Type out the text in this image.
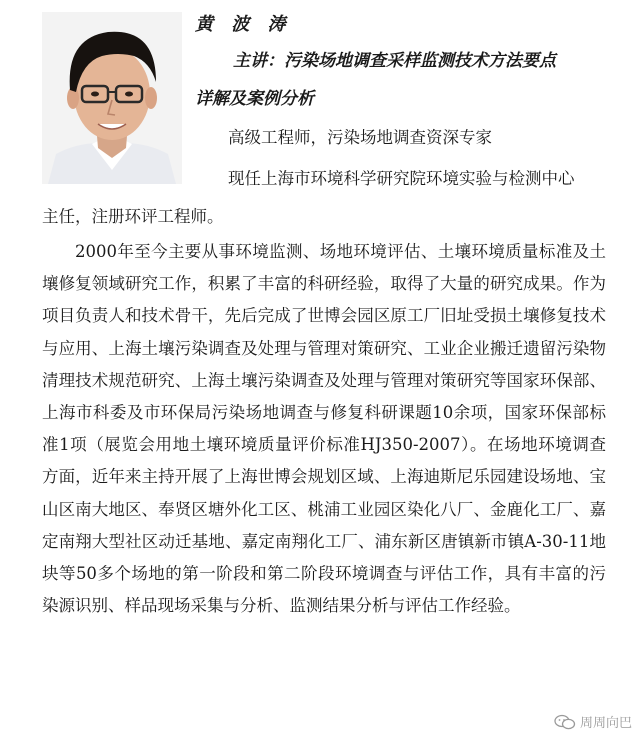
黄 波 涛

主讲：污染场地调查采样监测技术方法要点
详解及案例分析

高级工程师，污染场地调查资深专家

现任上海市环境科学研究院环境实验与检测中心

主任，注册环评工程师。

2000年至今主要从事环境监测、场地环境评估、土壤环境质量标准及土壤修复领域研究工作，积累了丰富的科研经验，取得了大量的研究成果。作为项目负责人和技术骨干，先后完成了世博会园区原工厂旧址受损土壤修复技术与应用、上海土壤污染调查及处理与管理对策研究、工业企业搬迁遗留污染物清理技术规范研究、上海土壤污染调查及处理与管理对策研究等国家环保部、上海市科委及市环保局污染场地调查与修复科研课题10余项，国家环保部标准1项（展览会用地土壤环境质量评价标准HJ350-2007）。在场地环境调查方面，近年来主持开展了上海世博会规划区域、上海迪斯尼乐园建设场地、宝山区南大地区、奉贤区塘外化工区、桃浦工业园区染化八厂、金鹿化工厂、嘉定南翔大型社区动迁基地、嘉定南翔化工厂、浦东新区唐镇新市镇A-30-11地块等50多个场地的第一阶段和第二阶段环境调查与评估工作，具有丰富的污染源识别、样品现场采集与分析、监测结果分析与评估工作经验。

周周向巴
